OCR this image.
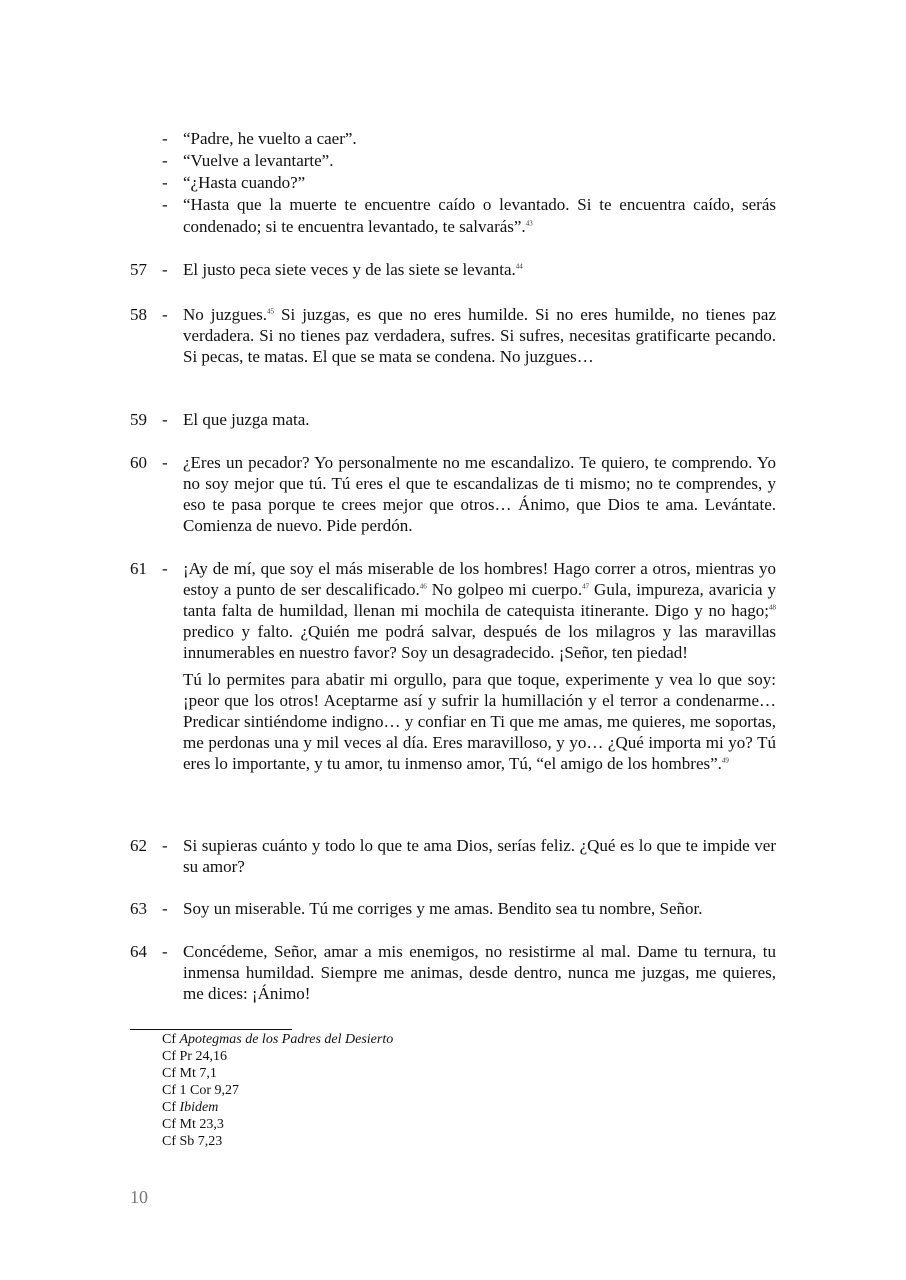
- “Padre, he vuelto a caer”.
- “Vuelve a levantarte”.
- “¿Hasta cuando?”
- “Hasta que la muerte te encuentre caído o levantado. Si te encuentra caído, serás condenado; si te encuentra levantado, te salvarás”.$^{43}$
57 - El justo peca siete veces y de las siete se levanta.$^{44}$

58 - No juzgues.$^{45}$ Si juzgas, es que no eres humilde. Si no eres humilde, no tienes paz verdadera. Si no tienes paz verdadera, sufres. Si sufres, necesitas gratificarte pecando. Si pecas, te matas. El que se mata se condena. No juzgues…

59 - El que juzga mata.

60 - ¿Eres un pecador? Yo personalmente no me escandalizo. Te quiero, te comprendo. Yo no soy mejor que tú. Tú eres el que te escandalizas de ti mismo; no te comprendes, y eso te pasa porque te crees mejor que otros… Ánimo, que Dios te ama. Levántate. Comienza de nuevo. Pide perdón.

61 - ¡Ay de mí, que soy el más miserable de los hombres! Hago correr a otros, mientras yo estoy a punto de ser descalificado.$^{46}$ No golpeo mi cuerpo.$^{47}$ Gula, impureza, avaricia y tanta falta de humildad, llenan mi mochila de catequista itinerante. Digo y no hago;$^{48}$ predico y falto. ¿Quién me podrá salvar, después de los milagros y las maravillas innumerables en nuestro favor? Soy un desagradecido. ¡Señor, ten piedad!

Tú lo permites para abatir mi orgullo, para que toque, experimente y vea lo que soy: ¡peor que los otros! Aceptarme así y sufrir la humillación y el terror a condenarme… Predicar sintiéndome indigno… y confiar en Ti que me amas, me quieres, me soportas, me perdonas una y mil veces al día. Eres maravilloso, y yo… ¿Qué importa mi yo? Tú eres lo importante, y tu amor, tu inmenso amor, Tú, “el amigo de los hombres”.$^{49}$

62 - Si supieras cuánto y todo lo que te ama Dios, serías feliz. ¿Qué es lo que te impide ver su amor?

63 - Soy un miserable. Tú me corriges y me amas. Bendito sea tu nombre, Señor.

64 - Concédeme, Señor, amar a mis enemigos, no resistirme al mal. Dame tu ternura, tu inmensa humildad. Siempre me animas, desde dentro, nunca me juzgas, me quieres, me dices: ¡Ánimo!

Cf Apotegmas de los Padres del Desierto
Cf Pr 24,16
Cf Mt 7,1
Cf 1 Cor 9,27
Cf Ibidem
Cf Mt 23,3
Cf Sb 7,23
10
